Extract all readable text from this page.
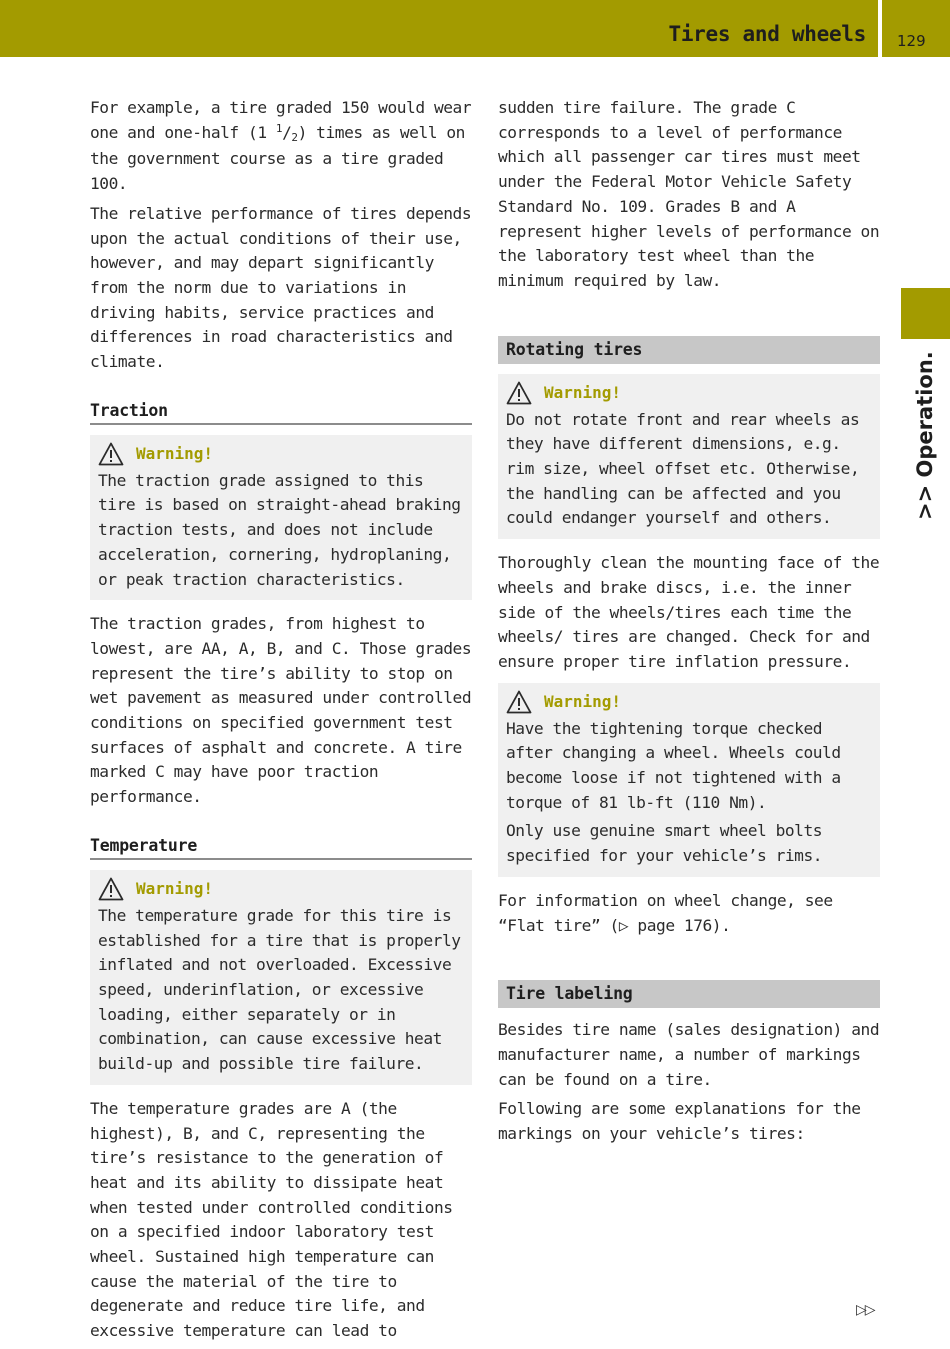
Tires and wheels 129
>> Operation.

For example, a tire graded 150 would wear one and one-half (1 $^1$/2) times as well on the government course as a tire graded 100.

The relative performance of tires depends upon the actual conditions of their use, however, and may depart significantly from the norm due to variations in driving habits, service practices and differences in road characteristics and climate.

Traction
Warning!

The traction grade assigned to this tire is based on straight-ahead braking traction tests, and does not include acceleration, cornering, hydroplaning, or peak traction characteristics.

The traction grades, from highest to lowest, are AA, A, B, and C. Those grades represent the tire’s ability to stop on wet pavement as measured under controlled conditions on specified government test surfaces of asphalt and concrete. A tire marked C may have poor traction performance.

Temperature
Warning!

The temperature grade for this tire is established for a tire that is properly inflated and not overloaded. Excessive speed, underinflation, or excessive loading, either separately or in combination, can cause excessive heat build-up and possible tire failure.

The temperature grades are A (the highest), B, and C, representing the tire’s resistance to the generation of heat and its ability to dissipate heat when tested under controlled conditions on a specified indoor laboratory test wheel. Sustained high temperature can cause the material of the tire to degenerate and reduce tire life, and excessive temperature can lead to

sudden tire failure. The grade C corresponds to a level of performance which all passenger car tires must meet under the Federal Motor Vehicle Safety Standard No. 109. Grades B and A represent higher levels of performance on the laboratory test wheel than the minimum required by law.

Rotating tires
Warning!

Do not rotate front and rear wheels as they have different dimensions, e.g. rim size, wheel offset etc. Otherwise, the handling can be affected and you could endanger yourself and others.

Thoroughly clean the mounting face of the wheels and brake discs, i.e. the inner side of the wheels/tires each time the wheels/ tires are changed. Check for and ensure proper tire inflation pressure.

Warning!

Have the tightening torque checked after changing a wheel. Wheels could become loose if not tightened with a torque of 81 lb-ft (110 Nm).

Only use genuine smart wheel bolts specified for your vehicle’s rims.

For information on wheel change, see “Flat tire” (▷ page 176).

Tire labeling

Besides tire name (sales designation) and manufacturer name, a number of markings can be found on a tire.

Following are some explanations for the markings on your vehicle’s tires:

▷▷
